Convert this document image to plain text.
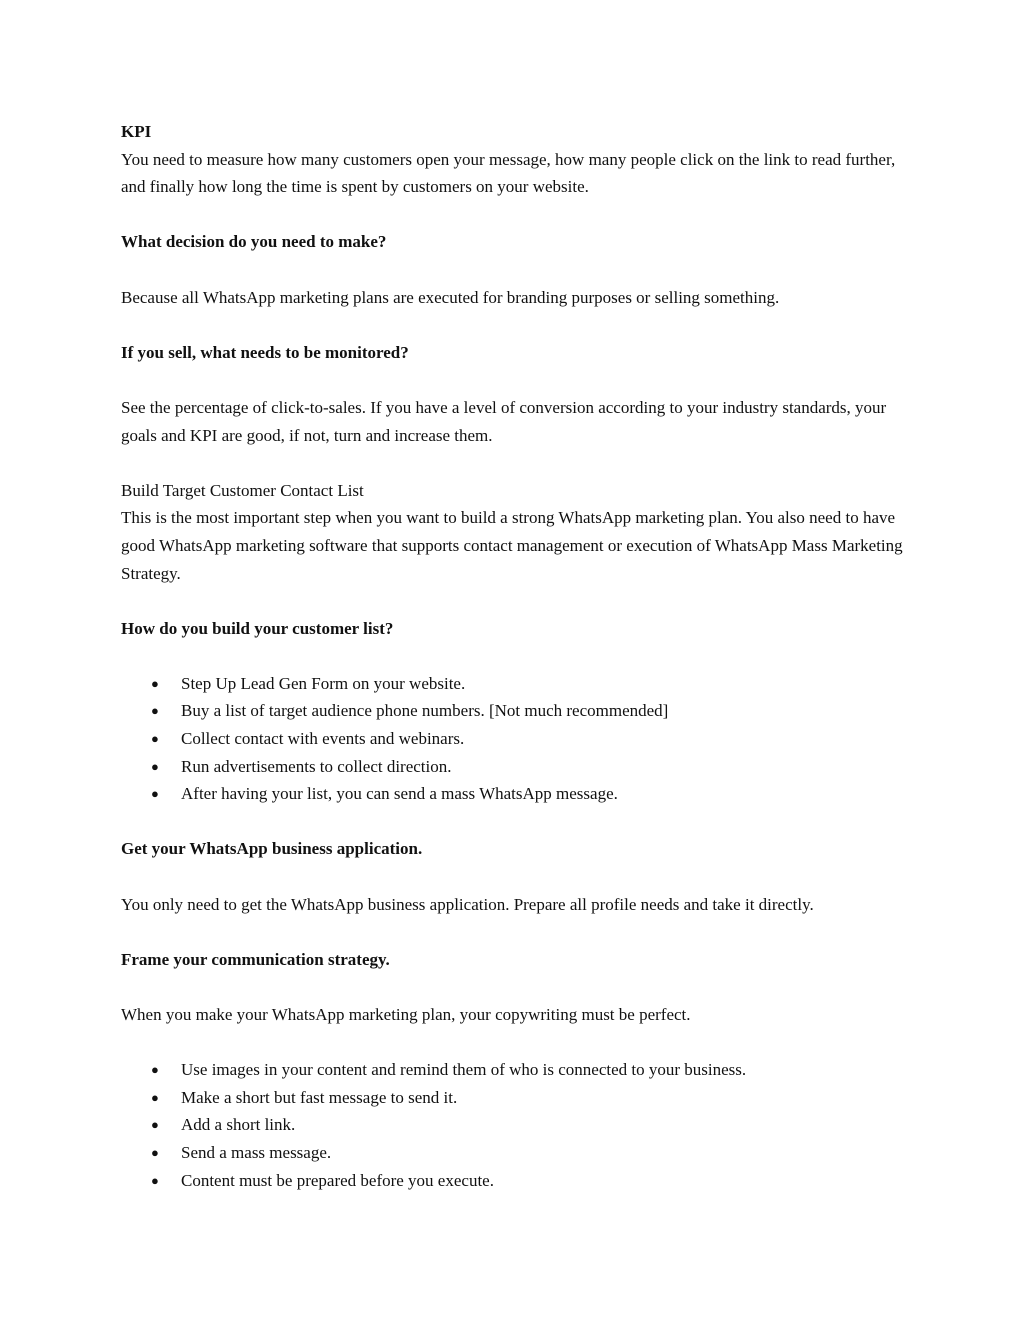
KPI

You need to measure how many customers open your message, how many people click on the link to read further, and finally how long the time is spent by customers on your website.

What decision do you need to make?

Because all WhatsApp marketing plans are executed for branding purposes or selling something.

If you sell, what needs to be monitored?

See the percentage of click-to-sales. If you have a level of conversion according to your industry standards, your goals and KPI are good, if not, turn and increase them.

Build Target Customer Contact List

This is the most important step when you want to build a strong WhatsApp marketing plan. You also need to have good WhatsApp marketing software that supports contact management or execution of WhatsApp Mass Marketing Strategy.

How do you build your customer list?

● Step Up Lead Gen Form on your website.
● Buy a list of target audience phone numbers. [Not much recommended]
● Collect contact with events and webinars.
● Run advertisements to collect direction.
● After having your list, you can send a mass WhatsApp message.

Get your WhatsApp business application.

You only need to get the WhatsApp business application. Prepare all profile needs and take it directly.

Frame your communication strategy.

When you make your WhatsApp marketing plan, your copywriting must be perfect.

● Use images in your content and remind them of who is connected to your business.
● Make a short but fast message to send it.
● Add a short link.
● Send a mass message.
● Content must be prepared before you execute.
